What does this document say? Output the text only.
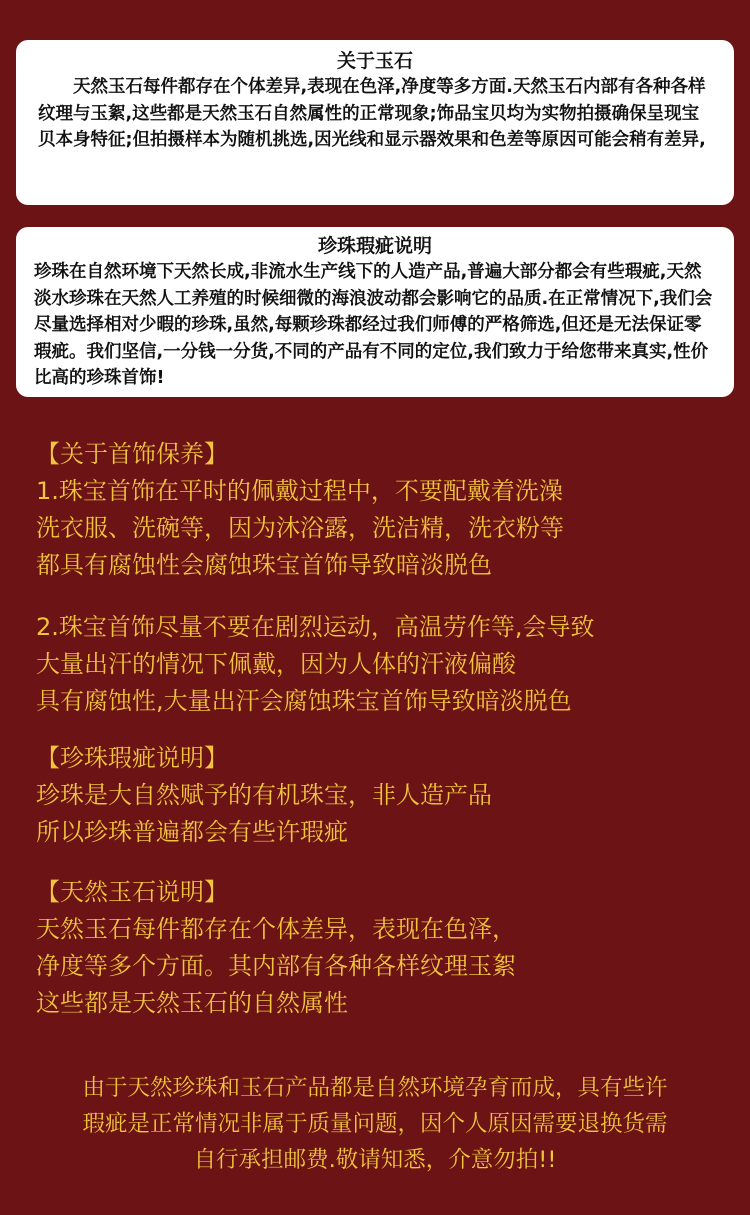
关于玉石
天然玉石每件都存在个体差异,表现在色泽,净度等多方面.天然玉石内部有各种各样纹理与玉絮,这些都是天然玉石自然属性的正常现象;饰品宝贝均为实物拍摄确保呈现宝贝本身特征;但拍摄样本为随机挑选,因光线和显示器效果和色差等原因可能会稍有差异,
珍珠瑕疵说明
珍珠在自然环境下天然长成,非流水生产线下的人造产品,普遍大部分都会有些瑕疵,天然淡水珍珠在天然人工养殖的时候细微的海浪波动都会影响它的品质.在正常情况下,我们会尽量选择相对少暇的珍珠,虽然,每颗珍珠都经过我们师傅的严格筛选,但还是无法保证零瑕疵。我们坚信,一分钱一分货,不同的产品有不同的定位,我们致力于给您带来真实,性价比高的珍珠首饰!
【关于首饰保养】
1.珠宝首饰在平时的佩戴过程中，不要配戴着洗澡
洗衣服、洗碗等，因为沐浴露，洗洁精，洗衣粉等
都具有腐蚀性会腐蚀珠宝首饰导致暗淡脱色
2.珠宝首饰尽量不要在剧烈运动，高温劳作等,会导致
大量出汗的情况下佩戴，因为人体的汗液偏酸
具有腐蚀性,大量出汗会腐蚀珠宝首饰导致暗淡脱色
【珍珠瑕疵说明】
珍珠是大自然赋予的有机珠宝，非人造产品
所以珍珠普遍都会有些许瑕疵
【天然玉石说明】
天然玉石每件都存在个体差异，表现在色泽，
净度等多个方面。其内部有各种各样纹理玉絮
这些都是天然玉石的自然属性
由于天然珍珠和玉石产品都是自然环境孕育而成，具有些许
瑕疵是正常情况非属于质量问题，因个人原因需要退换货需
自行承担邮费.敬请知悉，介意勿拍!!
